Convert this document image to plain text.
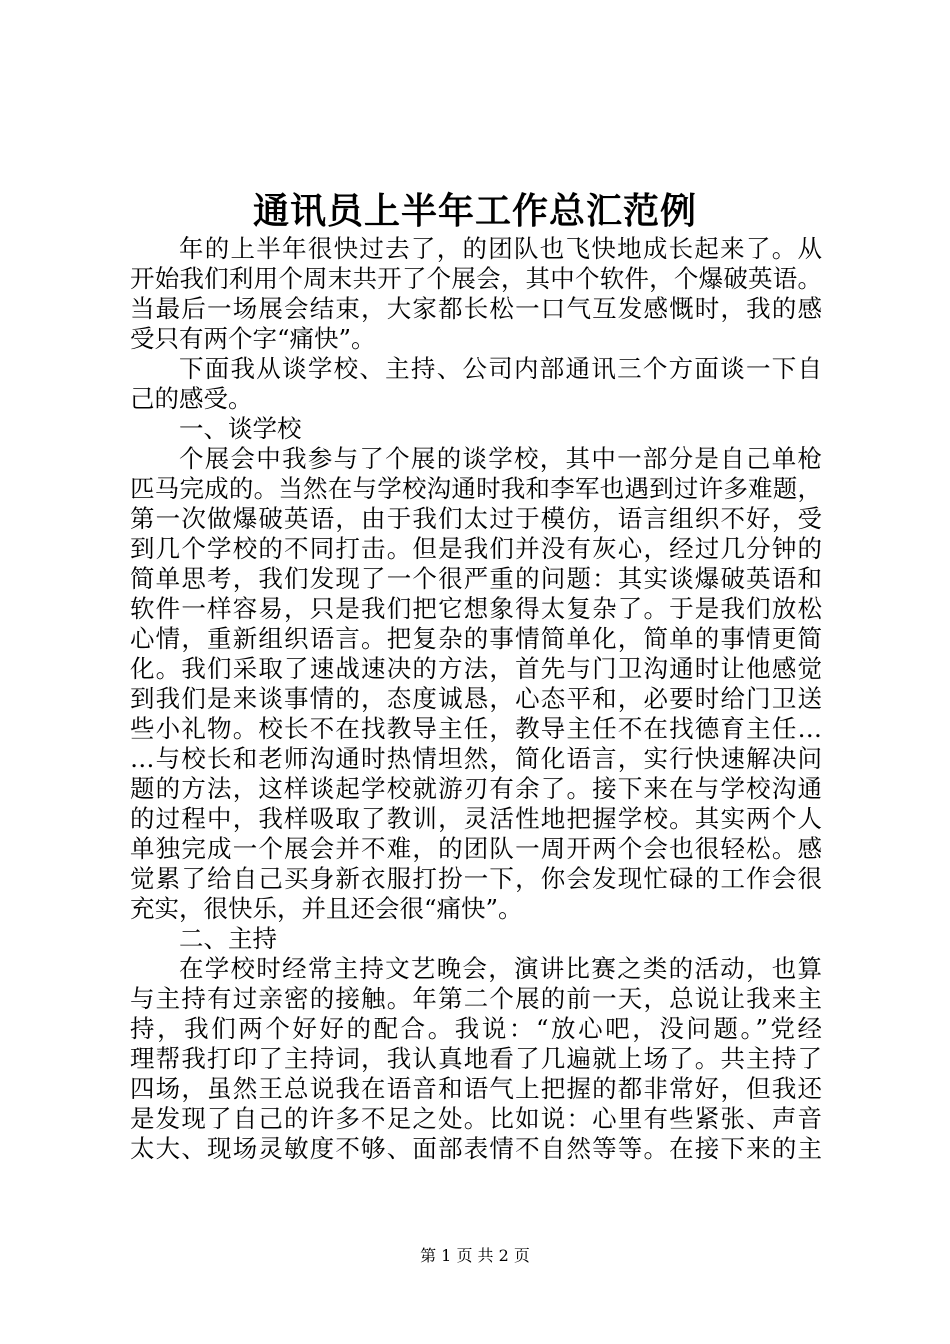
通讯员上半年工作总汇范例
年的上半年很快过去了，的团队也飞快地成长起来了。从
开始我们利用个周末共开了个展会，其中个软件，个爆破英语。
当最后一场展会结束，大家都长松一口气互发感慨时，我的感
受只有两个字“痛快”。
下面我从谈学校、主持、公司内部通讯三个方面谈一下自
己的感受。
一、谈学校
个展会中我参与了个展的谈学校，其中一部分是自己单枪
匹马完成的。当然在与学校沟通时我和李军也遇到过许多难题，
第一次做爆破英语，由于我们太过于模仿，语言组织不好，受
到几个学校的不同打击。但是我们并没有灰心，经过几分钟的
简单思考，我们发现了一个很严重的问题：其实谈爆破英语和
软件一样容易，只是我们把它想象得太复杂了。于是我们放松
心情，重新组织语言。把复杂的事情简单化，简单的事情更简
化。我们采取了速战速决的方法，首先与门卫沟通时让他感觉
到我们是来谈事情的，态度诚恳，心态平和，必要时给门卫送
些小礼物。校长不在找教导主任，教导主任不在找德育主任…
…与校长和老师沟通时热情坦然，简化语言，实行快速解决问
题的方法，这样谈起学校就游刃有余了。接下来在与学校沟通
的过程中，我样吸取了教训，灵活性地把握学校。其实两个人
单独完成一个展会并不难，的团队一周开两个会也很轻松。感
觉累了给自己买身新衣服打扮一下，你会发现忙碌的工作会很
充实，很快乐，并且还会很“痛快”。
二、主持
在学校时经常主持文艺晚会，演讲比赛之类的活动，也算
与主持有过亲密的接触。年第二个展的前一天，总说让我来主
持，我们两个好好的配合。我说：“放心吧，没问题。”党经
理帮我打印了主持词，我认真地看了几遍就上场了。共主持了
四场，虽然王总说我在语音和语气上把握的都非常好，但我还
是发现了自己的许多不足之处。比如说：心里有些紧张、声音
太大、现场灵敏度不够、面部表情不自然等等。在接下来的主
第 1 页 共 2 页
